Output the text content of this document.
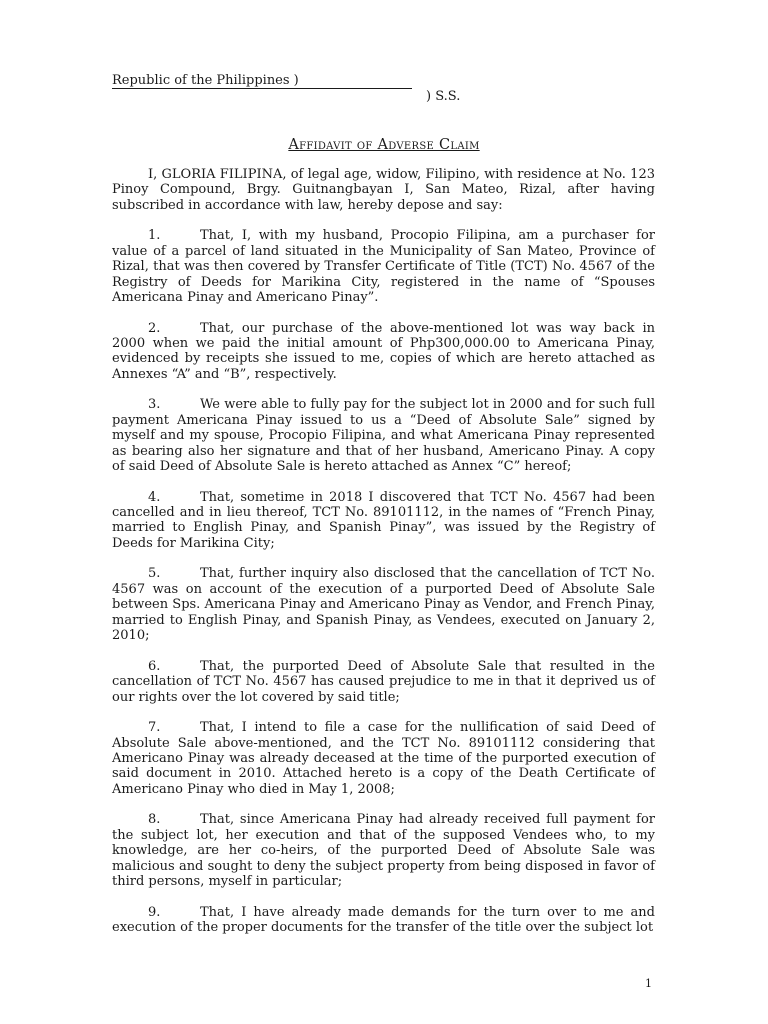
Republic of the Philippines )
) S.S.
Affidavit of Adverse Claim

I, GLORIA FILIPINA, of legal age, widow, Filipino, with residence at No. 123 Pinoy Compound, Brgy. Guitnangbayan I, San Mateo, Rizal, after having subscribed in accordance with law, hereby depose and say:

1.	That, I, with my husband, Procopio Filipina, am a purchaser for value of a parcel of land situated in the Municipality of San Mateo, Province of Rizal, that was then covered by Transfer Certificate of Title (TCT) No. 4567 of the Registry of Deeds for Marikina City, registered in the name of “Spouses Americana Pinay and Americano Pinay”.

2.	That, our purchase of the above-mentioned lot was way back in 2000 when we paid the initial amount of Php300,000.00 to Americana Pinay, evidenced by receipts she issued to me, copies of which are hereto attached as Annexes “A” and “B”, respectively.

3.	We were able to fully pay for the subject lot in 2000 and for such full payment Americana Pinay issued to us a “Deed of Absolute Sale” signed by myself and my spouse, Procopio Filipina, and what Americana Pinay represented as bearing also her signature and that of her husband, Americano Pinay. A copy of said Deed of Absolute Sale is hereto attached as Annex “C” hereof;

4.	That, sometime in 2018 I discovered that TCT No. 4567 had been cancelled and in lieu thereof, TCT No. 89101112, in the names of “French Pinay, married to English Pinay, and Spanish Pinay”, was issued by the Registry of Deeds for Marikina City;

5.	That, further inquiry also disclosed that the cancellation of TCT No. 4567 was on account of the execution of a purported Deed of Absolute Sale between Sps. Americana Pinay and Americano Pinay as Vendor, and French Pinay, married to English Pinay, and Spanish Pinay, as Vendees, executed on January 2, 2010;

6.	That, the purported Deed of Absolute Sale that resulted in the cancellation of TCT No. 4567 has caused prejudice to me in that it deprived us of our rights over the lot covered by said title;

7.	That, I intend to file a case for the nullification of said Deed of Absolute Sale above-mentioned, and the TCT No. 89101112 considering that Americano Pinay was already deceased at the time of the purported execution of said document in 2010. Attached hereto is a copy of the Death Certificate of Americano Pinay who died in May 1, 2008;

8.	That, since Americana Pinay had already received full payment for the subject lot, her execution and that of the supposed Vendees who, to my knowledge, are her co-heirs, of the purported Deed of Absolute Sale was malicious and sought to deny the subject property from being disposed in favor of third persons, myself in particular;

9.	That, I have already made demands for the turn over to me and execution of the proper documents for the transfer of the title over the subject lot

1
